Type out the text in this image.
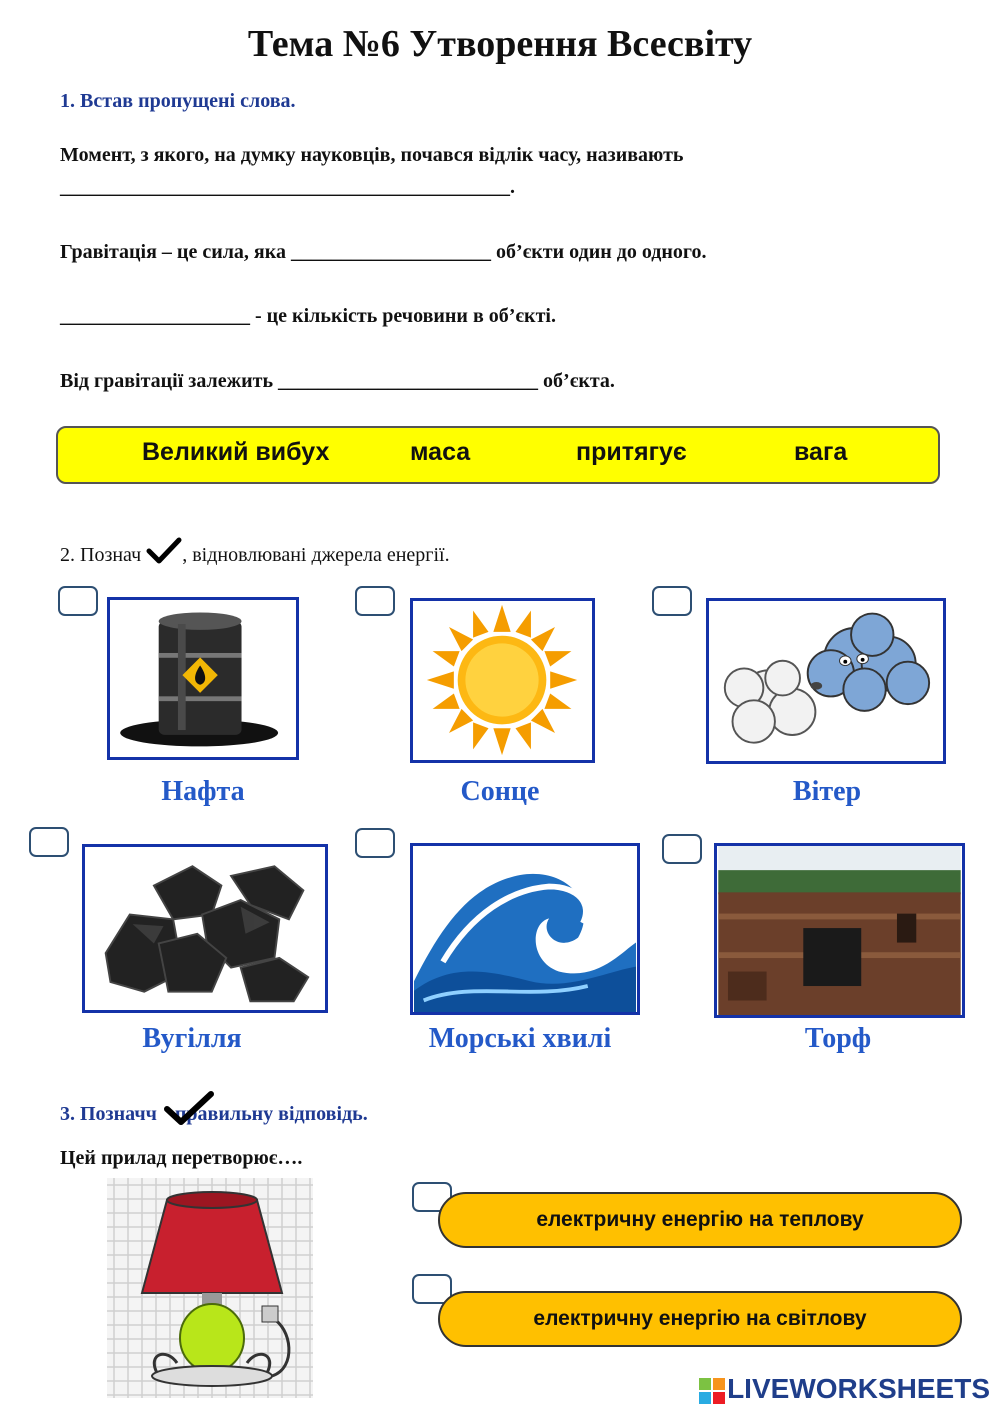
Тема №6 Утворення Всесвіту
1. Встав пропущені слова.
Момент, з якого, на думку науковців, почався відлік часу, називають
_____________________________________________.
Гравітація – це сила, яка ____________________ об’єкти один до одного.
___________________ - це кількість речовини в об’єкті.
Від гравітації залежить __________________________ об’єкта.
Великий вибух	маса	притягує	вага
2. Познач , відновлювані джерела енергії.
Нафта	Сонце	Вітер
Вугілля	Морські хвилі	Торф
3. Позначч правильну відповідь.
Цей прилад перетворює….
електричну енергію на теплову
електричну енергію на світлову
LIVEWORKSHEETS
